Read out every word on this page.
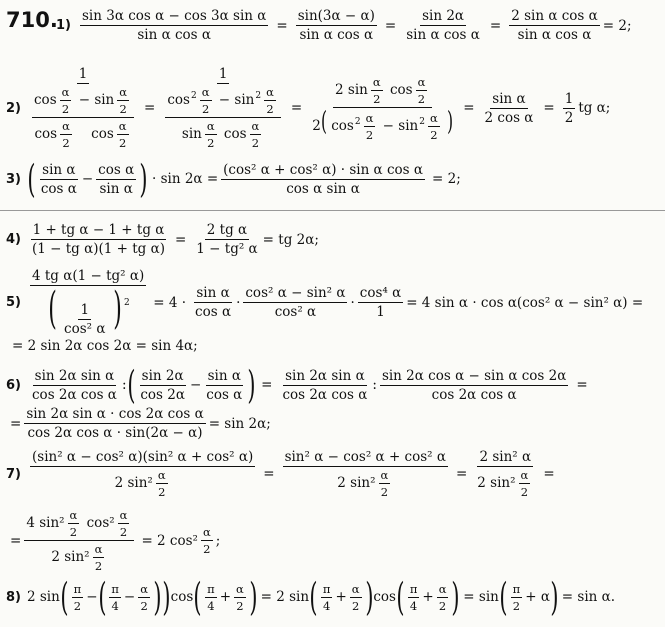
710.
$1) \frac{\text{sin 3α cos α − cos 3α sin α}}{\text{sin α cos α}} = \frac{\sin(3\alpha - \alpha)}{\text{sin α cos α}} = \frac{\sin 2\alpha}{\text{sin α cos α}} = \frac{\text{2 sin α cos α}}{\text{sin α cos α}} = 2$;
2)
1
$\frac{\cos \frac{\alpha}{2} - \sin \frac{\alpha}{2}}{\cos \frac{\alpha}{2} \cos \frac{\alpha}{2}}$ =
1
$\frac{\cos^2 \frac{\alpha}{2} - \sin^2 \frac{\alpha}{2}}{\sin \frac{\alpha}{2} \cos \frac{\alpha}{2}} = \frac{2 \sin \frac{\alpha}{2} \cos \frac{\alpha}{2}}{2( \cos^2 \frac{\alpha}{2} - \sin^2 \frac{\alpha}{2} )} = \frac{\text{sin α}}{\text{2 cos α}} = \frac{1}{2}$ tg α;
3) ( $\frac{\text{sin α}}{\text{cos α}} - \frac{\text{cos α}}{\text{sin α}}$ ) · $\sin 2\alpha = \frac{\text{(cos² α + cos² α) · sin α cos α}}{\text{cos α sin α}} = 2$;
$4) \frac{\text{1 + tg α − 1 + tg α}}{\text{(1 − tg α)(1 + tg α)}} = \frac{\text{2 tg α}}{\text{1 − tg² α}}$ = tg 2α;
$5) \frac{\text{4 tg α(1 − tg² α)}}{( \frac{1}{\text{cos² α}} ) ^2} = 4 \cdot \frac{\text{sin α}}{\text{cos α}} \cdot \frac{\text{cos² α − sin² α}}{\text{cos² α}} \cdot \frac{\text{cos⁴ α}}{1} = 4$ sin α · cos α(cos² α − sin² α) =
= 2 sin 2α cos 2α = sin 4α;
$6) \frac{\text{sin 2α sin α}}{\text{cos 2α cos α}}$ : ( $\frac{\sin 2\alpha}{\cos 2\alpha} - \frac{\text{sin α}}{\text{cos α}}$ ) = $\frac{\text{sin 2α sin α}}{\text{cos 2α cos α}}$ : $\frac{\text{sin 2α cos α − sin α cos 2α}}{\text{cos 2α cos α}}$ =
= $\frac{\text{sin 2α sin α · cos 2α cos α}}{\text{cos 2α cos α · sin(2α − α)}} = \sin 2\alpha$;
$7) \frac{\text{(sin² α − cos² α)(sin² α + cos² α)}}{2 \sin^2 \frac{\alpha}{2}} = \frac{\text{sin² α − cos² α + cos² α}}{2 \sin^2 \frac{\alpha}{2}} = \frac{\text{2 sin² α}}{2 \sin^2 \frac{\alpha}{2}}$ =
= $\frac{4 \sin^2 \frac{\alpha}{2} \cos^2 \frac{\alpha}{2}}{2 \sin^2 \frac{\alpha}{2}} = 2$ $\cos^2 \frac{\alpha}{2}$ ;
8) 2 sin ( $\frac{\pi}{2}$ − ( $\frac{\pi}{4} - \frac{\alpha}{2}$ ) ) cos ( $\frac{\pi}{4} + \frac{\alpha}{2}$ ) = 2 sin ( $\frac{\pi}{4} + \frac{\alpha}{2}$ ) cos ( $\frac{\pi}{4} + \frac{\alpha}{2}$ ) = sin ( $\frac{\pi}{2} + \alpha$ ) = sin α.
